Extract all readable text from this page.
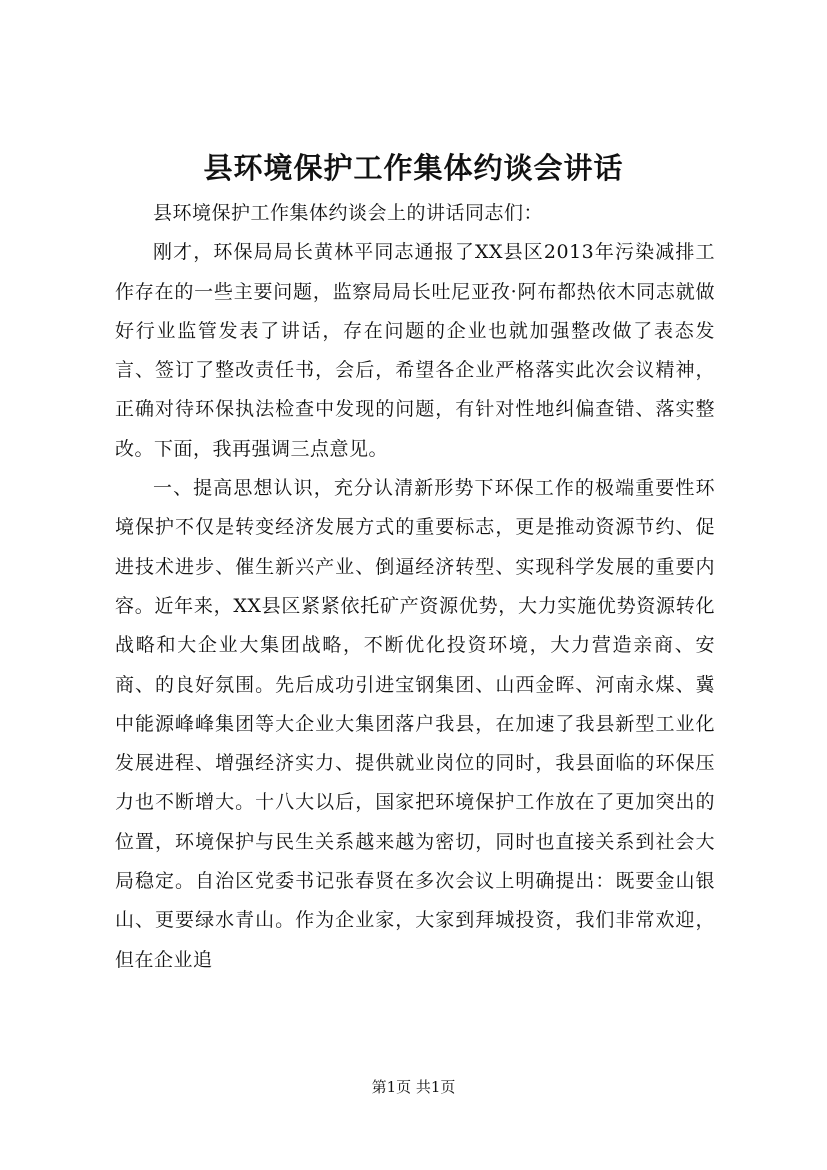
县环境保护工作集体约谈会讲话

县环境保护工作集体约谈会上的讲话同志们：

刚才，环保局局长黄林平同志通报了XX县区2013年污染减排工作存在的一些主要问题，监察局局长吐尼亚孜·阿布都热依木同志就做好行业监管发表了讲话，存在问题的企业也就加强整改做了表态发言、签订了整改责任书，会后，希望各企业严格落实此次会议精神，正确对待环保执法检查中发现的问题，有针对性地纠偏查错、落实整改。下面，我再强调三点意见。

一、提高思想认识，充分认清新形势下环保工作的极端重要性环境保护不仅是转变经济发展方式的重要标志，更是推动资源节约、促进技术进步、催生新兴产业、倒逼经济转型、实现科学发展的重要内容。近年来，XX县区紧紧依托矿产资源优势，大力实施优势资源转化战略和大企业大集团战略，不断优化投资环境，大力营造亲商、安商、的良好氛围。先后成功引进宝钢集团、山西金晖、河南永煤、冀中能源峰峰集团等大企业大集团落户我县，在加速了我县新型工业化发展进程、增强经济实力、提供就业岗位的同时，我县面临的环保压力也不断增大。十八大以后，国家把环境保护工作放在了更加突出的位置，环境保护与民生关系越来越为密切，同时也直接关系到社会大局稳定。自治区党委书记张春贤在多次会议上明确提出：既要金山银山、更要绿水青山。作为企业家，大家到拜城投资，我们非常欢迎，但在企业追

第1页 共1页
